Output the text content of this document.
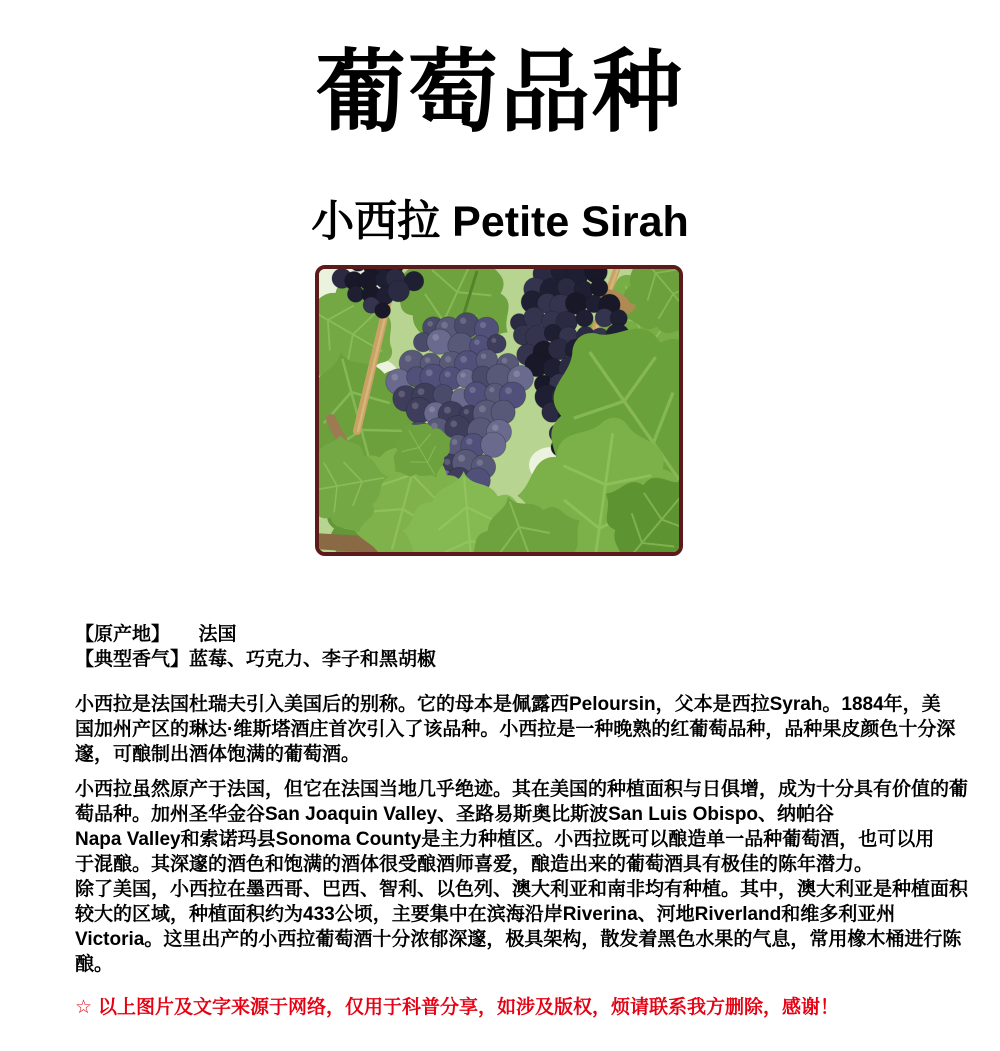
葡萄品种
小西拉 Petite Sirah
【原产地】　　法国
【典型香气】蓝莓、巧克力、李子和黑胡椒
小西拉是法国杜瑞夫引入美国后的别称。它的母本是佩露西Peloursin，父本是西拉Syrah。1884年，美
国加州产区的琳达·维斯塔酒庄首次引入了该品种。小西拉是一种晚熟的红葡萄品种，品种果皮颜色十分深
邃，可酿制出酒体饱满的葡萄酒。
小西拉虽然原产于法国，但它在法国当地几乎绝迹。其在美国的种植面积与日俱增，成为十分具有价值的葡
萄品种。加州圣华金谷San Joaquin Valley、圣路易斯奥比斯波San Luis Obispo、纳帕谷
Napa Valley和索诺玛县Sonoma County是主力种植区。小西拉既可以酿造单一品种葡萄酒，也可以用
于混酿。其深邃的酒色和饱满的酒体很受酿酒师喜爱，酿造出来的葡萄酒具有极佳的陈年潜力。
除了美国，小西拉在墨西哥、巴西、智利、以色列、澳大利亚和南非均有种植。其中，澳大利亚是种植面积
较大的区域，种植面积约为433公顷，主要集中在滨海沿岸Riverina、河地Riverland和维多利亚州
Victoria。这里出产的小西拉葡萄酒十分浓郁深邃，极具架构，散发着黑色水果的气息，常用橡木桶进行陈
酿。
☆ 以上图片及文字来源于网络，仅用于科普分享，如涉及版权，烦请联系我方删除，感谢！
